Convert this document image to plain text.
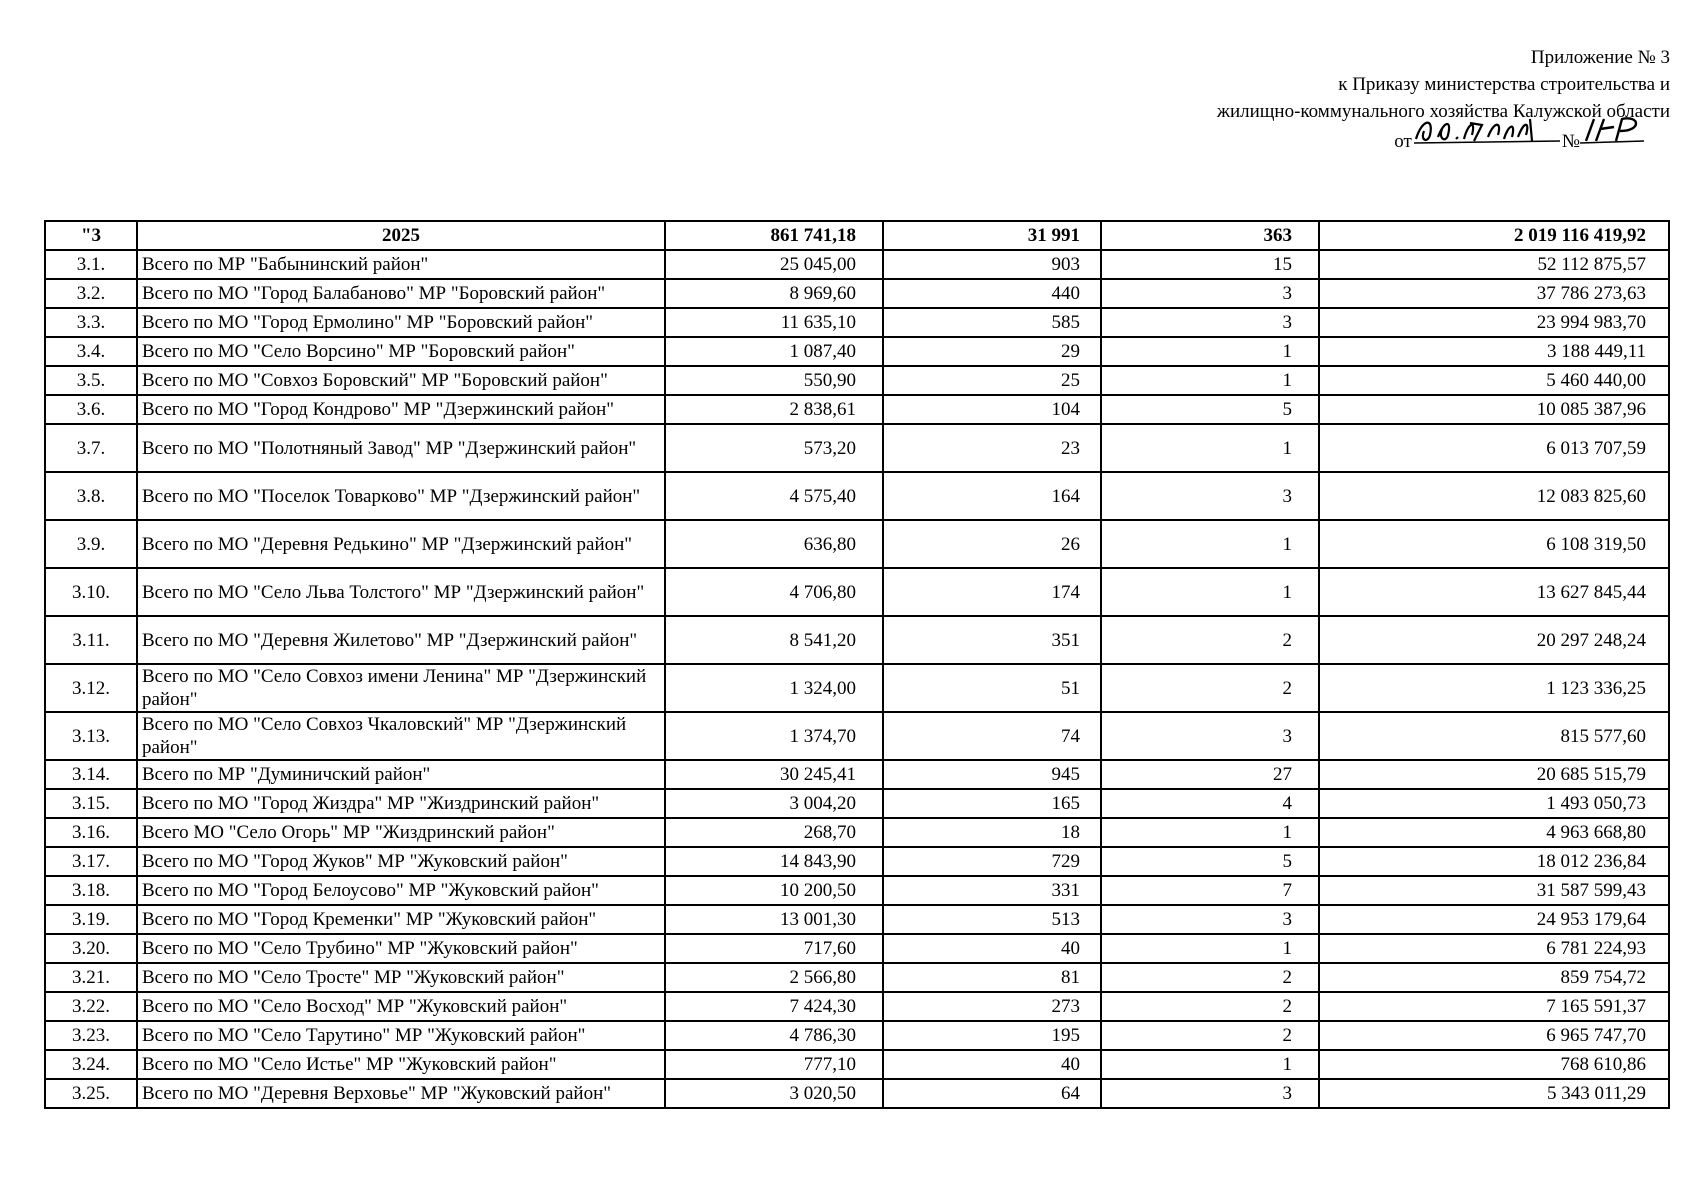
Приложение № 3
к Приказу министерства строительства и
жилищно-коммунального хозяйства Калужской области
от	№
"3	2025	861 741,18	31 991	363	2 019 116 419,92
3.1.	Всего по МР "Бабынинский район"	25 045,00	903	15	52 112 875,57
3.2.	Всего по МО "Город Балабаново" МР "Боровский район"	8 969,60	440	3	37 786 273,63
3.3.	Всего по МО "Город Ермолино" МР "Боровский район"	11 635,10	585	3	23 994 983,70
3.4.	Всего по МО "Село Ворсино" МР "Боровский район"	1 087,40	29	1	3 188 449,11
3.5.	Всего по МО "Совхоз Боровский" МР "Боровский район"	550,90	25	1	5 460 440,00
3.6.	Всего по МО "Город Кондрово" МР "Дзержинский район"	2 838,61	104	5	10 085 387,96
3.7.	Всего по МО "Полотняный Завод" МР "Дзержинский район"	573,20	23	1	6 013 707,59
3.8.	Всего по МО "Поселок Товарково" МР "Дзержинский район"	4 575,40	164	3	12 083 825,60
3.9.	Всего по МО "Деревня Редькино" МР "Дзержинский район"	636,80	26	1	6 108 319,50
3.10.	Всего по МО "Село Льва Толстого" МР "Дзержинский район"	4 706,80	174	1	13 627 845,44
3.11.	Всего по МО "Деревня Жилетово" МР "Дзержинский район"	8 541,20	351	2	20 297 248,24
3.12.	Всего по МО "Село Совхоз имени Ленина" МР "Дзержинский район"	1 324,00	51	2	1 123 336,25
3.13.	Всего по МО "Село Совхоз Чкаловский" МР "Дзержинский район"	1 374,70	74	3	815 577,60
3.14.	Всего по МР "Думиничский район"	30 245,41	945	27	20 685 515,79
3.15.	Всего по МО "Город Жиздра" МР "Жиздринский район"	3 004,20	165	4	1 493 050,73
3.16.	Всего МО "Село Огорь" МР "Жиздринский район"	268,70	18	1	4 963 668,80
3.17.	Всего по МО "Город Жуков" МР "Жуковский район"	14 843,90	729	5	18 012 236,84
3.18.	Всего по МО "Город Белоусово" МР "Жуковский район"	10 200,50	331	7	31 587 599,43
3.19.	Всего по МО "Город Кременки" МР "Жуковский район"	13 001,30	513	3	24 953 179,64
3.20.	Всего по МО "Село Трубино" МР "Жуковский район"	717,60	40	1	6 781 224,93
3.21.	Всего по МО "Село Тросте" МР "Жуковский район"	2 566,80	81	2	859 754,72
3.22.	Всего по МО "Село Восход" МР "Жуковский район"	7 424,30	273	2	7 165 591,37
3.23.	Всего по МО "Село Тарутино" МР "Жуковский район"	4 786,30	195	2	6 965 747,70
3.24.	Всего по МО "Село Истье" МР "Жуковский район"	777,10	40	1	768 610,86
3.25.	Всего по МО "Деревня Верховье" МР "Жуковский район"	3 020,50	64	3	5 343 011,29
